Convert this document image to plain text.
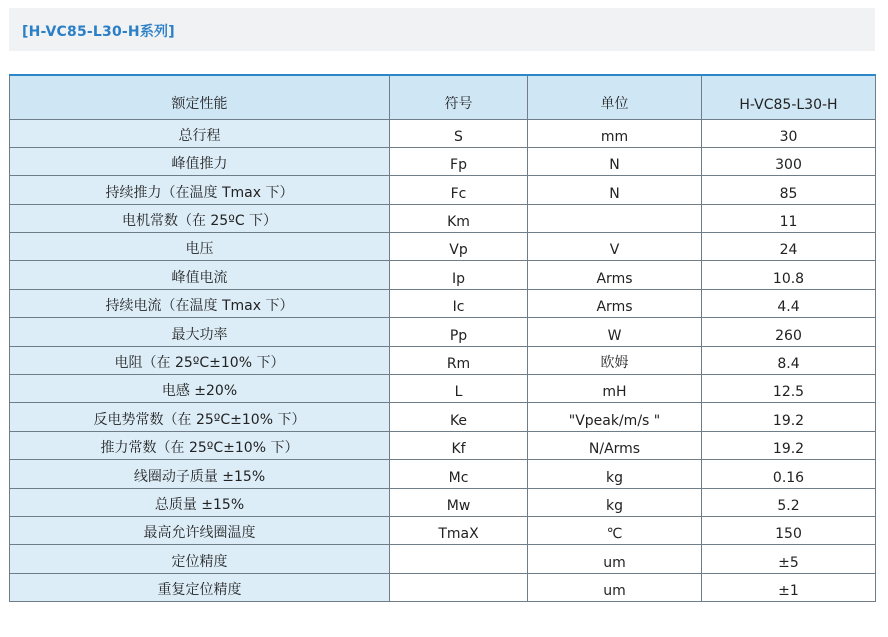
[H-VC85-L30-H系列]
额定性能	符号	单位	H-VC85-L30-H
总行程	S	mm	30
峰值推力	Fp	N	300
持续推力（在温度 Tmax 下）	Fc	N	85
电机常数（在 25ºC 下）	Km		11
电压	Vp	V	24
峰值电流	Ip	Arms	10.8
持续电流（在温度 Tmax 下）	Ic	Arms	4.4
最大功率	Pp	W	260
电阻（在 25ºC±10% 下）	Rm	欧姆	8.4
电感 ±20%	L	mH	12.5
反电势常数（在 25ºC±10% 下）	Ke	"Vpeak/m/s "	19.2
推力常数（在 25ºC±10% 下）	Kf	N/Arms	19.2
线圈动子质量 ±15%	Mc	kg	0.16
总质量 ±15%	Mw	kg	5.2
最高允许线圈温度	TmaX	℃	150
定位精度		um	±5
重复定位精度		um	±1
